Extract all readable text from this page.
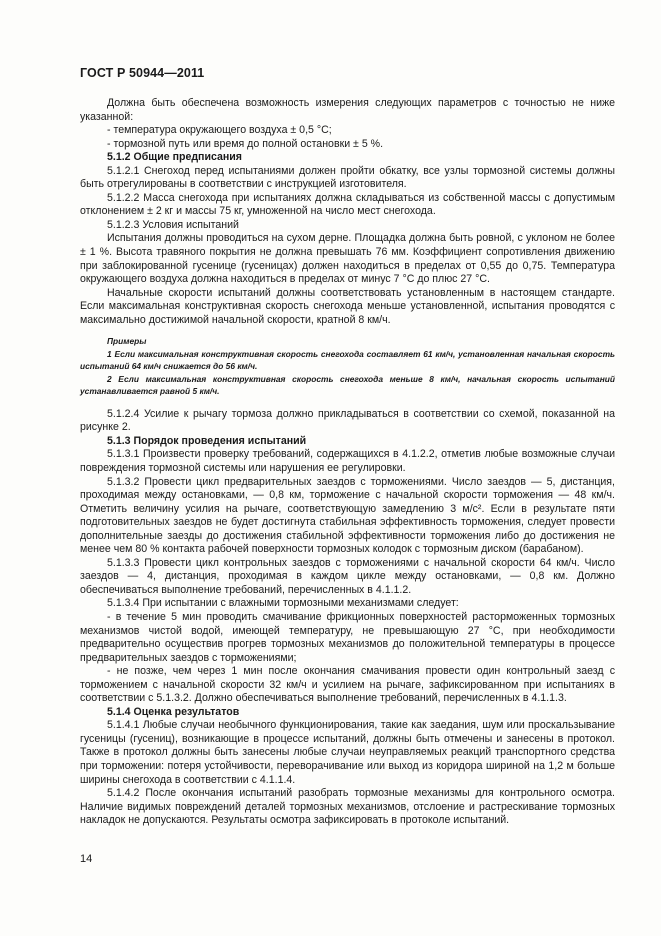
ГОСТ Р 50944—2011

Должна быть обеспечена возможность измерения следующих параметров с точностью не ниже указанной:

- температура окружающего воздуха ± 0,5 °С;

- тормозной путь или время до полной остановки ± 5 %.

5.1.2 Общие предписания

5.1.2.1 Снегоход перед испытаниями должен пройти обкатку, все узлы тормозной системы должны быть отрегулированы в соответствии с инструкцией изготовителя.

5.1.2.2 Масса снегохода при испытаниях должна складываться из собственной массы с допустимым отклонением ± 2 кг и массы 75 кг, умноженной на число мест снегохода.

5.1.2.3 Условия испытаний

Испытания должны проводиться на сухом дерне. Площадка должна быть ровной, с уклоном не более ± 1 %. Высота травяного покрытия не должна превышать 76 мм. Коэффициент сопротивления движению при заблокированной гусенице (гусеницах) должен находиться в пределах от 0,55 до 0,75. Температура окружающего воздуха должна находиться в пределах от минус 7 °С до плюс 27 °С.

Начальные скорости испытаний должны соответствовать установленным в настоящем стандарте. Если максимальная конструктивная скорость снегохода меньше установленной, испытания проводятся с максимально достижимой начальной скорости, кратной 8 км/ч.

Примеры

1 Если максимальная конструктивная скорость снегохода составляет 61 км/ч, установленная начальная скорость испытаний 64 км/ч снижается до 56 км/ч.

2 Если максимальная конструктивная скорость снегохода меньше 8 км/ч, начальная скорость испытаний устанавливается равной 5 км/ч.

5.1.2.4 Усилие к рычагу тормоза должно прикладываться в соответствии со схемой, показанной на рисунке 2.

5.1.3 Порядок проведения испытаний

5.1.3.1 Произвести проверку требований, содержащихся в 4.1.2.2, отметив любые возможные случаи повреждения тормозной системы или нарушения ее регулировки.

5.1.3.2 Провести цикл предварительных заездов с торможениями. Число заездов — 5, дистанция, проходимая между остановками, — 0,8 км, торможение с начальной скорости торможения — 48 км/ч. Отметить величину усилия на рычаге, соответствующую замедлению 3 м/с². Если в результате пяти подготовительных заездов не будет достигнута стабильная эффективность торможения, следует провести дополнительные заезды до достижения стабильной эффективности торможения либо до достижения не менее чем 80 % контакта рабочей поверхности тормозных колодок с тормозным диском (барабаном).

5.1.3.3 Провести цикл контрольных заездов с торможениями с начальной скорости 64 км/ч. Число заездов — 4, дистанция, проходимая в каждом цикле между остановками, — 0,8 км. Должно обеспечиваться выполнение требований, перечисленных в 4.1.1.2.

5.1.3.4 При испытании с влажными тормозными механизмами следует:

- в течение 5 мин проводить смачивание фрикционных поверхностей расторможенных тормозных механизмов чистой водой, имеющей температуру, не превышающую 27 °С, при необходимости предварительно осуществив прогрев тормозных механизмов до положительной температуры в процессе предварительных заездов с торможениями;

- не позже, чем через 1 мин после окончания смачивания провести один контрольный заезд с торможением с начальной скорости 32 км/ч и усилием на рычаге, зафиксированном при испытаниях в соответствии с 5.1.3.2. Должно обеспечиваться выполнение требований, перечисленных в 4.1.1.3.

5.1.4 Оценка результатов

5.1.4.1 Любые случаи необычного функционирования, такие как заедания, шум или проскальзывание гусеницы (гусениц), возникающие в процессе испытаний, должны быть отмечены и занесены в протокол. Также в протокол должны быть занесены любые случаи неуправляемых реакций транспортного средства при торможении: потеря устойчивости, переворачивание или выход из коридора шириной на 1,2 м больше ширины снегохода в соответствии с 4.1.1.4.

5.1.4.2 После окончания испытаний разобрать тормозные механизмы для контрольного осмотра. Наличие видимых повреждений деталей тормозных механизмов, отслоение и растрескивание тормозных накладок не допускаются. Результаты осмотра зафиксировать в протоколе испытаний.

14
